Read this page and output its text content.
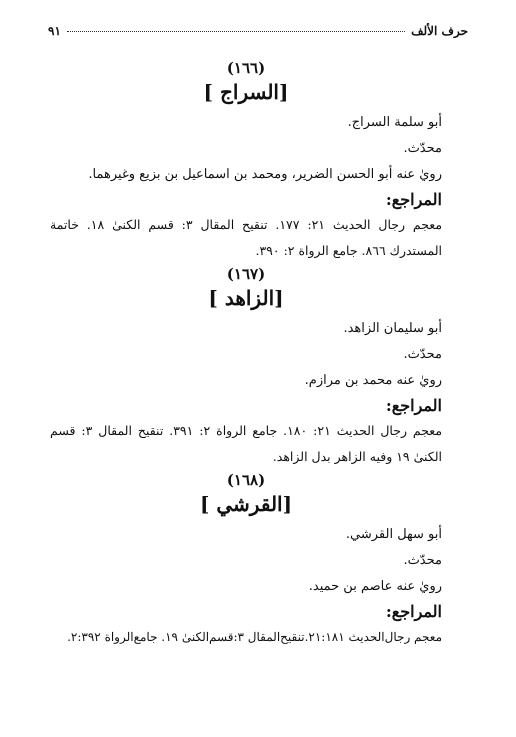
حرف الألف
٩١

(١٦٦)

[السراج ]

أبو سلمة السراج.

محدّث.

رويٰ عنه أبو الحسن الضرير، ومحمد بن اسماعيل بن بزيع وغيرهما.

المراجع:

معجم رجال الحديث ٢١: ١٧٧. تنقيح المقال ٣: قسم الكنىٰ ١٨. خاتمة المستدرك ٨٦٦. جامع الرواة ٢: ٣٩٠.

(١٦٧)

[الزاهد ]

أبو سليمان الزاهد.

محدّث.

رويٰ عنه محمد بن مرازم.

المراجع:

معجم رجال الحديث ٢١: ١٨٠. جامع الرواة ٢: ٣٩١. تنقيح المقال ٣: قسم الكنىٰ ١٩ وفيه الزاهر بدل الزاهد.

(١٦٨)

[القرشي ]

أبو سهل القرشي.

محدّث.

رويٰ عنه عاصم بن حميد.

المراجع:

معجم رجال‌الحديث ٢١:١٨١.تنقيح‌المقال ٣:قسم‌الكنىٰ ١٩. جامع‌الرواة ٢:٣٩٢.
